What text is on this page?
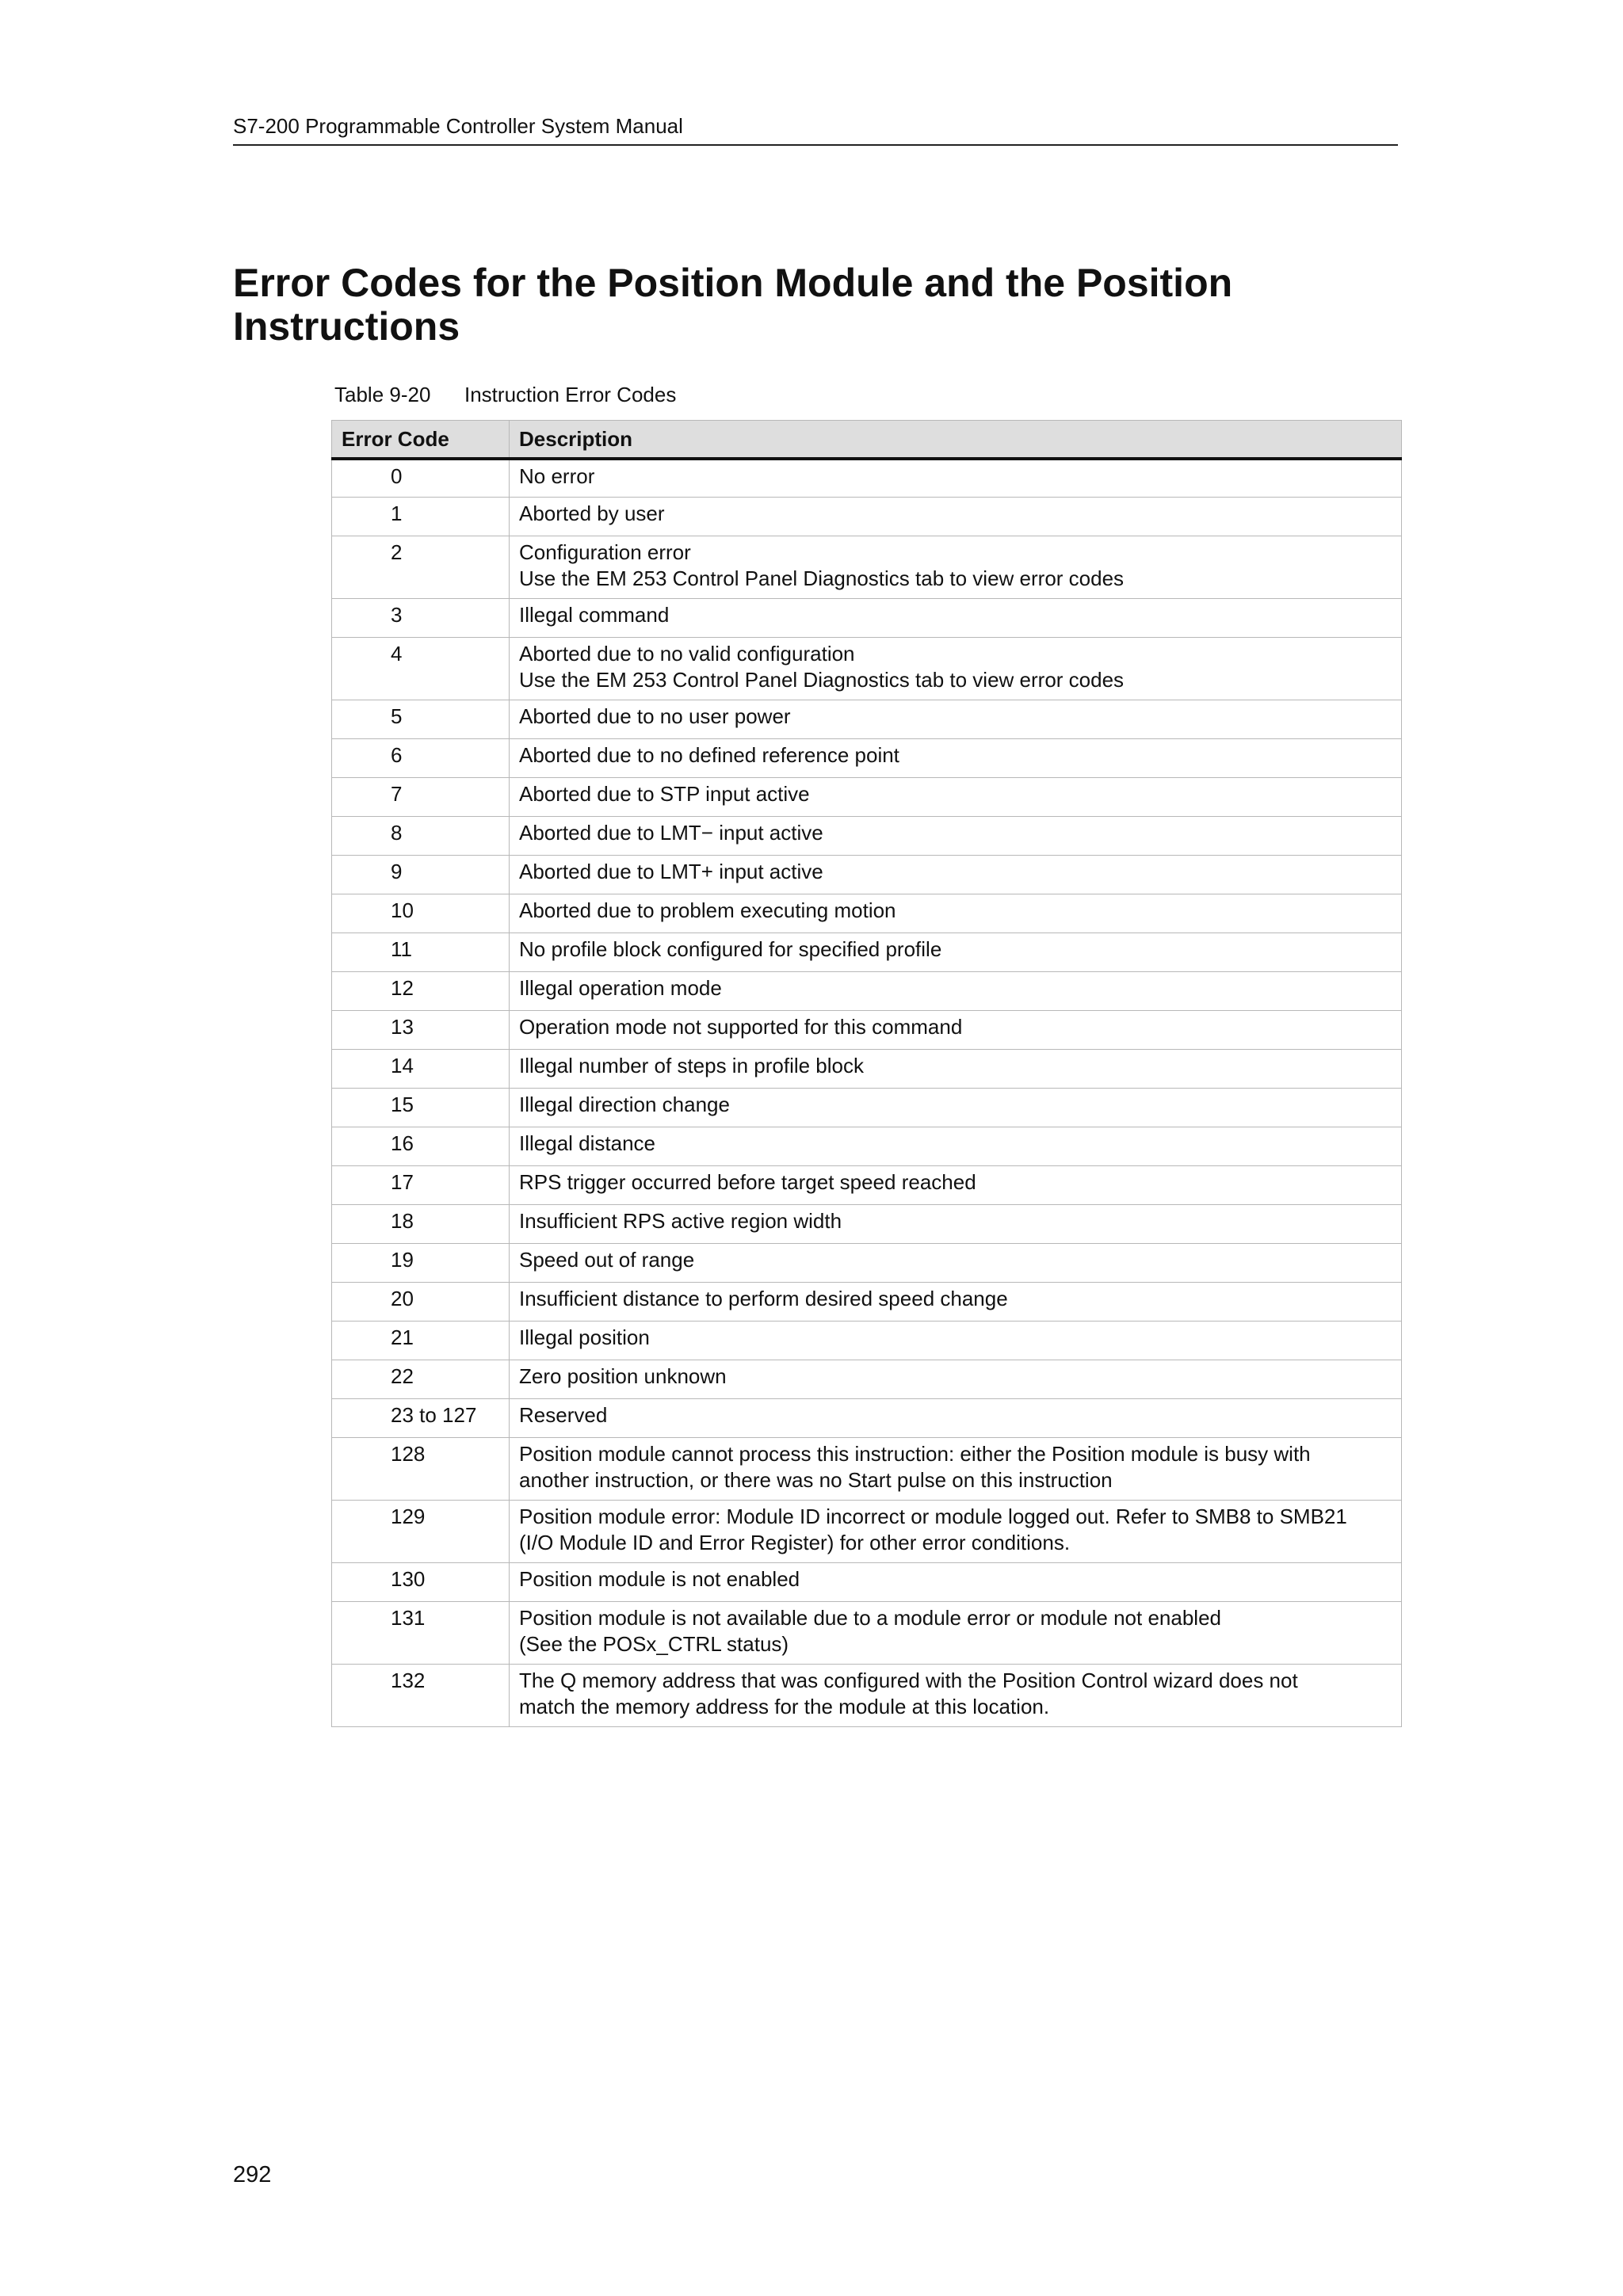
S7-200 Programmable Controller System Manual
Error Codes for the Position Module and the Position Instructions
Table 9-20 Instruction Error Codes
Error Code	Description
0	No error
1	Aborted by user
2	Configuration error
Use the EM 253 Control Panel Diagnostics tab to view error codes
3	Illegal command
4	Aborted due to no valid configuration
Use the EM 253 Control Panel Diagnostics tab to view error codes
5	Aborted due to no user power
6	Aborted due to no defined reference point
7	Aborted due to STP input active
8	Aborted due to LMT− input active
9	Aborted due to LMT+ input active
10	Aborted due to problem executing motion
11	No profile block configured for specified profile
12	Illegal operation mode
13	Operation mode not supported for this command
14	Illegal number of steps in profile block
15	Illegal direction change
16	Illegal distance
17	RPS trigger occurred before target speed reached
18	Insufficient RPS active region width
19	Speed out of range
20	Insufficient distance to perform desired speed change
21	Illegal position
22	Zero position unknown
23 to 127	Reserved
128	Position module cannot process this instruction: either the Position module is busy with
another instruction, or there was no Start pulse on this instruction
129	Position module error: Module ID incorrect or module logged out. Refer to SMB8 to SMB21
(I/O Module ID and Error Register) for other error conditions.
130	Position module is not enabled
131	Position module is not available due to a module error or module not enabled
(See the POSx_CTRL status)
132	The Q memory address that was configured with the Position Control wizard does not
match the memory address for the module at this location.
292
